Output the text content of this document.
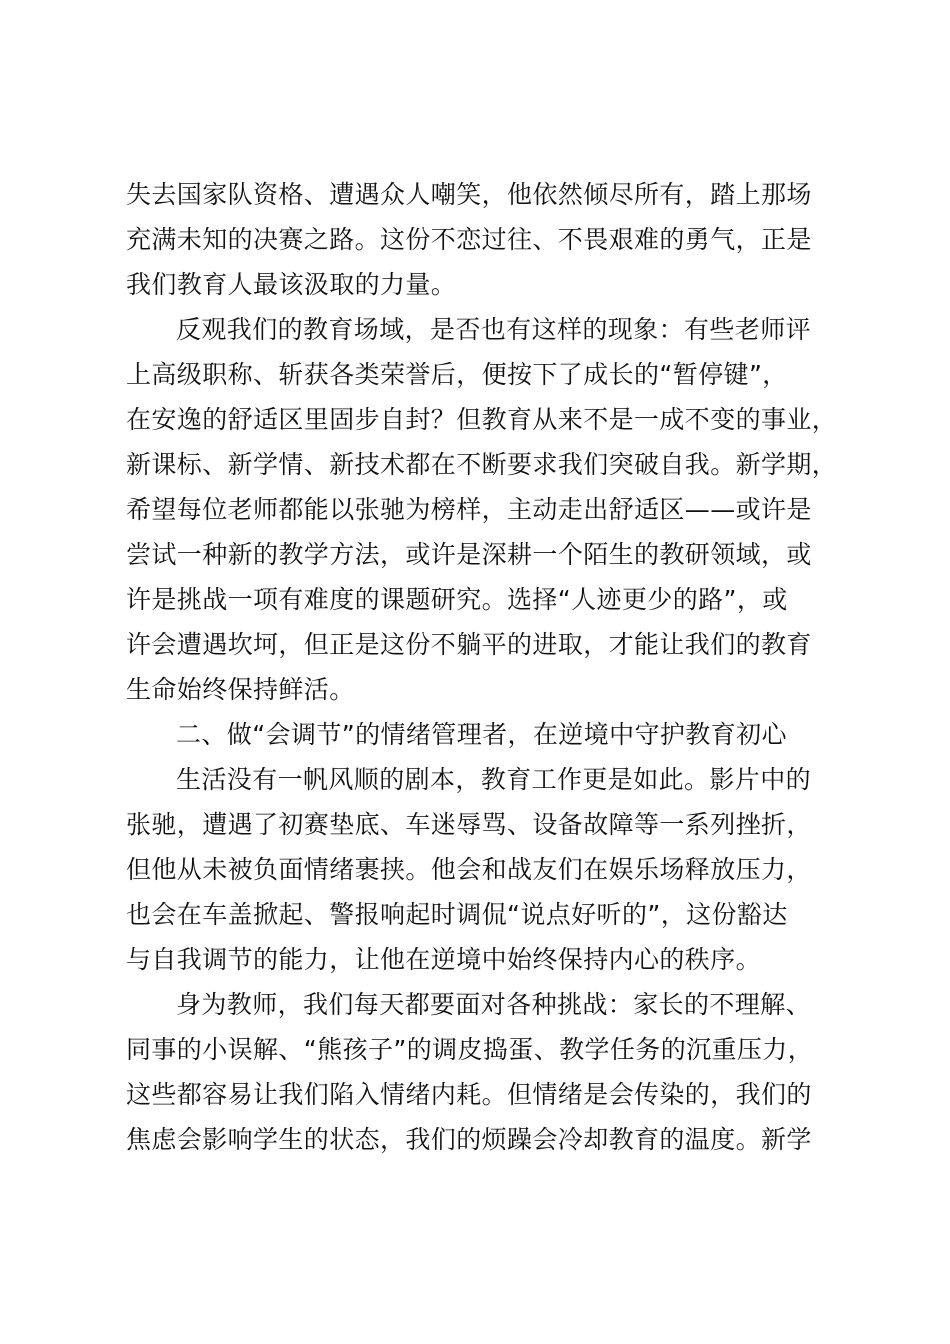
失去国家队资格、遭遇众人嘲笑，他依然倾尽所有，踏上那场
充满未知的决赛之路。这份不恋过往、不畏艰难的勇气，正是
我们教育人最该汲取的力量。
反观我们的教育场域，是否也有这样的现象：有些老师评
上高级职称、斩获各类荣誉后，便按下了成长的“暂停键”，
在安逸的舒适区里固步自封？但教育从来不是一成不变的事业，
新课标、新学情、新技术都在不断要求我们突破自我。新学期，
希望每位老师都能以张驰为榜样，主动走出舒适区——或许是
尝试一种新的教学方法，或许是深耕一个陌生的教研领域，或
许是挑战一项有难度的课题研究。选择“人迹更少的路”，或
许会遭遇坎坷，但正是这份不躺平的进取，才能让我们的教育
生命始终保持鲜活。
二、做“会调节”的情绪管理者，在逆境中守护教育初心
生活没有一帆风顺的剧本，教育工作更是如此。影片中的
张驰，遭遇了初赛垫底、车迷辱骂、设备故障等一系列挫折，
但他从未被负面情绪裹挟。他会和战友们在娱乐场释放压力，
也会在车盖掀起、警报响起时调侃“说点好听的”，这份豁达
与自我调节的能力，让他在逆境中始终保持内心的秩序。
身为教师，我们每天都要面对各种挑战：家长的不理解、
同事的小误解、“熊孩子”的调皮捣蛋、教学任务的沉重压力，
这些都容易让我们陷入情绪内耗。但情绪是会传染的，我们的
焦虑会影响学生的状态，我们的烦躁会冷却教育的温度。新学
